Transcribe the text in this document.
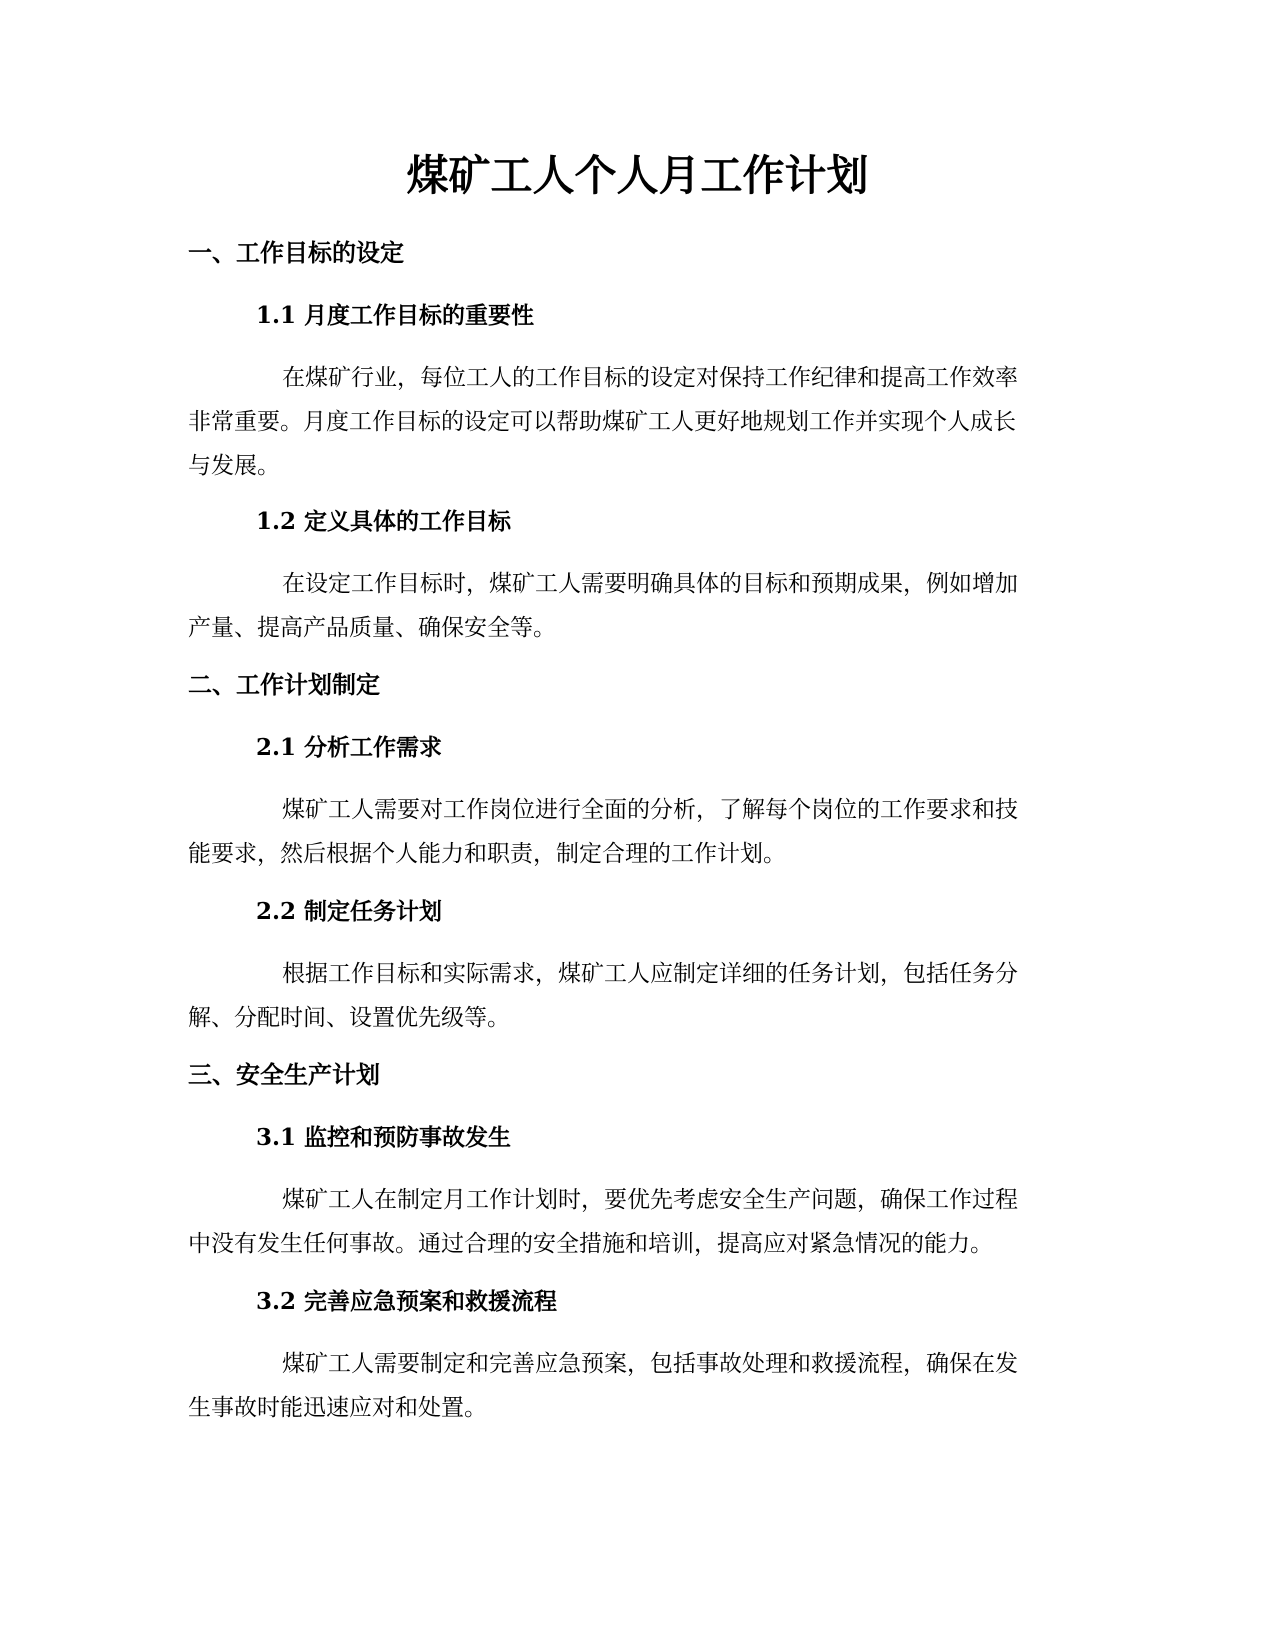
煤矿工人个人月工作计划
一、工作目标的设定
1.1 月度工作目标的重要性

在煤矿行业，每位工人的工作目标的设定对保持工作纪律和提高工作效率
非常重要。月度工作目标的设定可以帮助煤矿工人更好地规划工作并实现个人成长
与发展。

1.2 定义具体的工作目标

在设定工作目标时，煤矿工人需要明确具体的目标和预期成果，例如增加
产量、提高产品质量、确保安全等。

二、工作计划制定
2.1 分析工作需求

煤矿工人需要对工作岗位进行全面的分析，了解每个岗位的工作要求和技
能要求，然后根据个人能力和职责，制定合理的工作计划。

2.2 制定任务计划

根据工作目标和实际需求，煤矿工人应制定详细的任务计划，包括任务分
解、分配时间、设置优先级等。

三、安全生产计划
3.1 监控和预防事故发生

煤矿工人在制定月工作计划时，要优先考虑安全生产问题，确保工作过程
中没有发生任何事故。通过合理的安全措施和培训，提高应对紧急情况的能力。

3.2 完善应急预案和救援流程

煤矿工人需要制定和完善应急预案，包括事故处理和救援流程，确保在发
生事故时能迅速应对和处置。
